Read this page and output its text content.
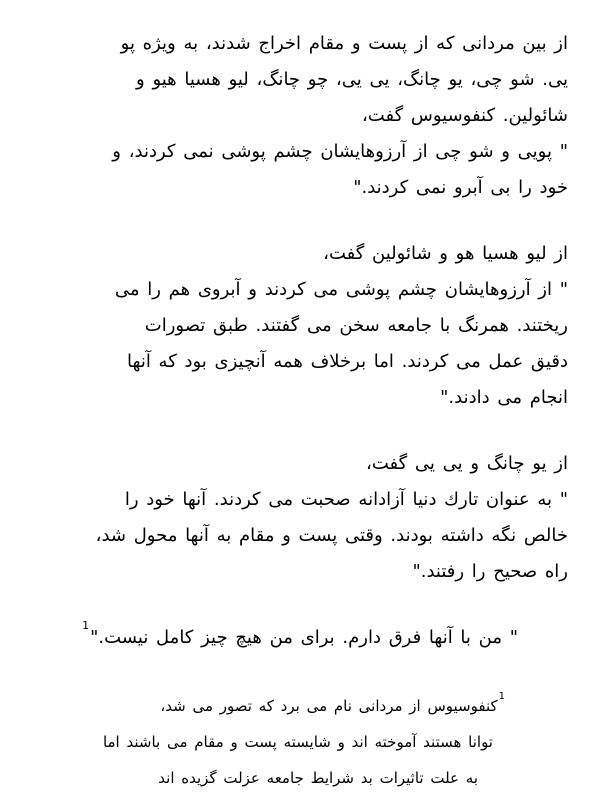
از بین مردانی که از پست و مقام اخراج شدند، به ویژه پو
یی. شو چی، یو چانگ، یی یی، چو چانگ، لیو هسیا هیو و
شائولین. کنفوسیوس گفت،
" پویی و شو چی از آرزوهایشان چشم پوشی نمی کردند، و
خود را بی آبرو نمی کردند."
از لیو هسیا هو و شائولین گفت،
" از آرزوهایشان چشم پوشی می کردند و آبروی هم را می
ریختند. همرنگ با جامعه سخن می گفتند. طبق تصورات
دقیق عمل می کردند. اما برخلاف همه آنچیزی بود که آنها
انجام می دادند."
از یو چانگ و یی یی گفت،
" به عنوان تارك دنیا آزادانه صحبت می کردند. آنها خود را
خالص نگه داشته بودند. وقتی پست و مقام به آنها محول شد،
راه صحیح را رفتند."
" من با آنها فرق دارم. برای من هیچ چیز کامل نیست."$^1$
$^1$کنفوسیوس از مردانی نام می برد که تصور می شد،
توانا هستند آموخته اند و شایسته پست و مقام می باشند اما
به علت تاثیرات بد شرایط جامعه عزلت گزیده اند
